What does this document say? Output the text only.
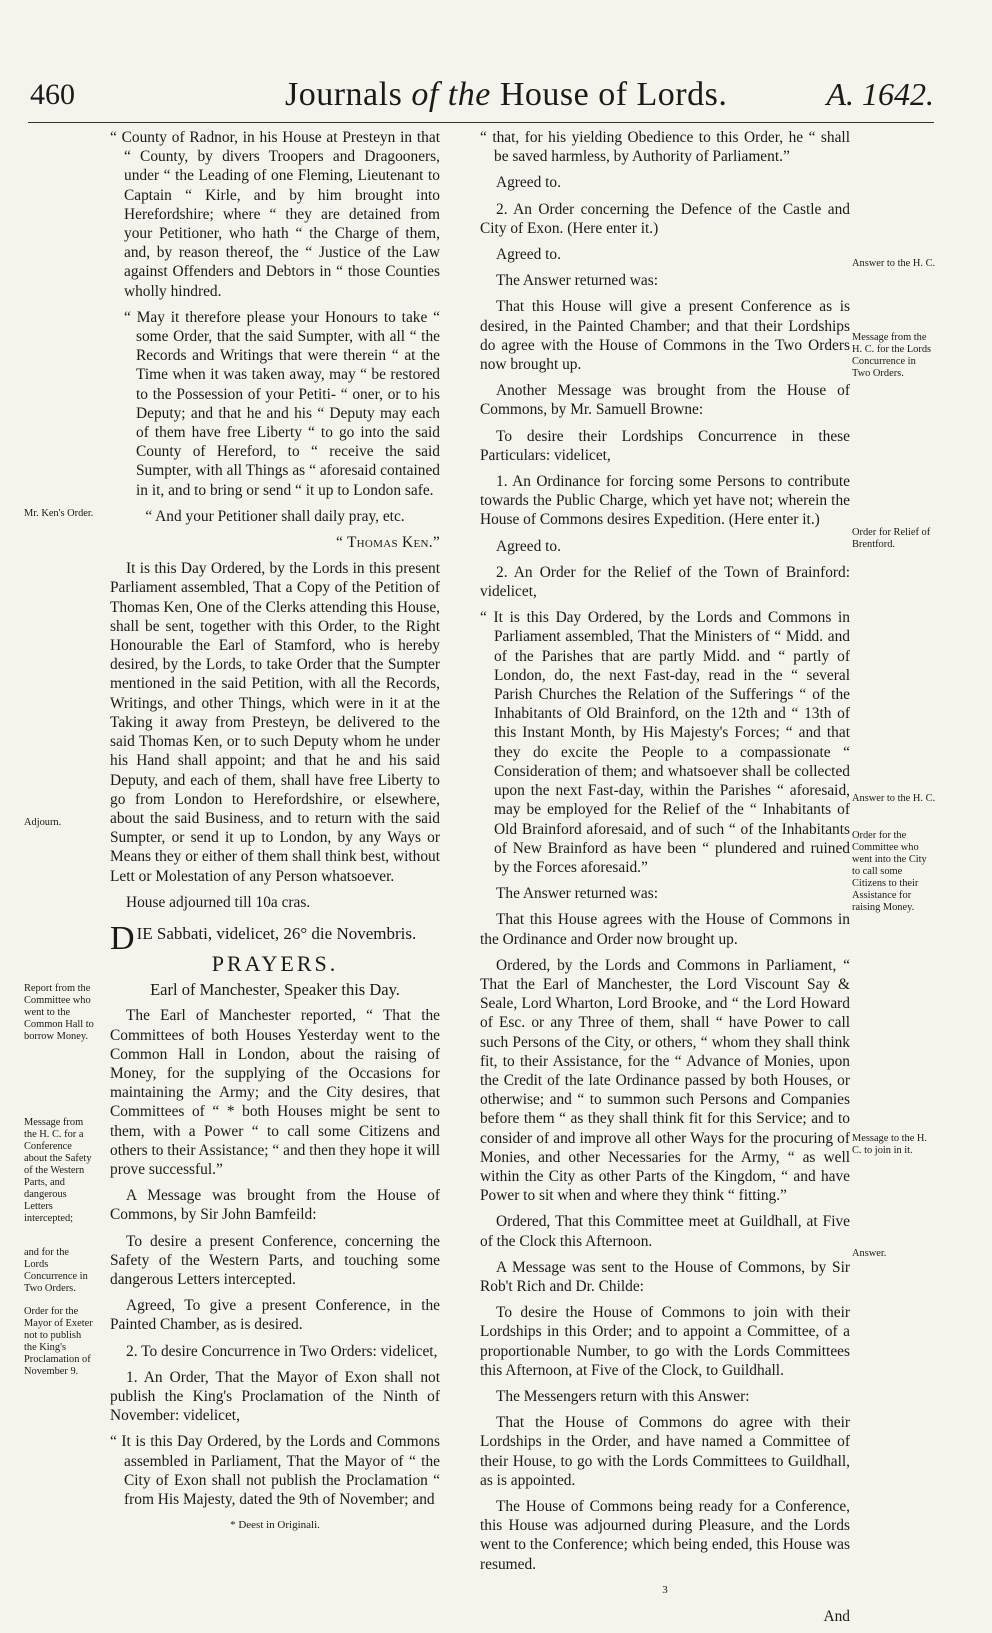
460	Journals of the House of Lords.	A. 1642.

“ County of Radnor, in his House at Presteyn in that “ County, by divers Troopers and Dragooners, under “ the Leading of one Fleming, Lieutenant to Captain “ Kirle, and by him brought into Herefordshire; where “ they are detained from your Petitioner, who hath “ the Charge of them, and, by reason thereof, the “ Justice of the Law against Offenders and Debtors in “ those Counties wholly hindred.

“ May it therefore please your Honours to take “ some Order, that the said Sumpter, with all “ the Records and Writings that were therein “ at the Time when it was taken away, may “ be restored to the Possession of your Petiti- “ oner, or to his Deputy; and that he and his “ Deputy may each of them have free Liberty “ to go into the said County of Hereford, to “ receive the said Sumpter, with all Things as “ aforesaid contained in it, and to bring or send “ it up to London safe.

“ And your Petitioner shall daily pray, etc.

“ Thomas Ken.”

It is this Day Ordered, by the Lords in this present Parliament assembled, That a Copy of the Petition of Thomas Ken, One of the Clerks attending this House, shall be sent, together with this Order, to the Right Honourable the Earl of Stamford, who is hereby desired, by the Lords, to take Order that the Sumpter mentioned in the said Petition, with all the Records, Writings, and other Things, which were in it at the Taking it away from Presteyn, be delivered to the said Thomas Ken, or to such Deputy whom he under his Hand shall appoint; and that he and his said Deputy, and each of them, shall have free Liberty to go from London to Herefordshire, or elsewhere, about the said Business, and to return with the said Sumpter, or send it up to London, by any Ways or Means they or either of them shall think best, without Lett or Molestation of any Person whatsoever.

House adjourned till 10a cras.

DIE Sabbati, videlicet, 26° die Novembris.

PRAYERS.

Earl of Manchester, Speaker this Day.

The Earl of Manchester reported, “ That the Committees of both Houses Yesterday went to the Common Hall in London, about the raising of Money, for the supplying of the Occasions for maintaining the Army; and the City desires, that Committees of “ * both Houses might be sent to them, with a Power “ to call some Citizens and others to their Assistance; “ and then they hope it will prove successful.”

A Message was brought from the House of Commons, by Sir John Bamfeild:

To desire a present Conference, concerning the Safety of the Western Parts, and touching some dangerous Letters intercepted.

Agreed, To give a present Conference, in the Painted Chamber, as is desired.

2. To desire Concurrence in Two Orders: videlicet,

1. An Order, That the Mayor of Exon shall not publish the King's Proclamation of the Ninth of November: videlicet,

“ It is this Day Ordered, by the Lords and Commons assembled in Parliament, That the Mayor of “ the City of Exon shall not publish the Proclamation “ from His Majesty, dated the 9th of November; and

* Deest in Originali.

“ that, for his yielding Obedience to this Order, he “ shall be saved harmless, by Authority of Parliament.”

Agreed to.

2. An Order concerning the Defence of the Castle and City of Exon. (Here enter it.)

Agreed to.

The Answer returned was:

That this House will give a present Conference as is desired, in the Painted Chamber; and that their Lordships do agree with the House of Commons in the Two Orders now brought up.

Another Message was brought from the House of Commons, by Mr. Samuell Browne:

To desire their Lordships Concurrence in these Particulars: videlicet,

1. An Ordinance for forcing some Persons to contribute towards the Public Charge, which yet have not; wherein the House of Commons desires Expedition. (Here enter it.)

Agreed to.

2. An Order for the Relief of the Town of Brainford: videlicet,

“ It is this Day Ordered, by the Lords and Commons in Parliament assembled, That the Ministers of “ Midd. and of the Parishes that are partly Midd. and “ partly of London, do, the next Fast-day, read in the “ several Parish Churches the Relation of the Sufferings “ of the Inhabitants of Old Brainford, on the 12th and “ 13th of this Instant Month, by His Majesty's Forces; “ and that they do excite the People to a compassionate “ Consideration of them; and whatsoever shall be collected upon the next Fast-day, within the Parishes “ aforesaid, may be employed for the Relief of the “ Inhabitants of Old Brainford aforesaid, and of such “ of the Inhabitants of New Brainford as have been “ plundered and ruined by the Forces aforesaid.”

The Answer returned was:

That this House agrees with the House of Commons in the Ordinance and Order now brought up.

Ordered, by the Lords and Commons in Parliament, “ That the Earl of Manchester, the Lord Viscount Say & Seale, Lord Wharton, Lord Brooke, and “ the Lord Howard of Esc. or any Three of them, shall “ have Power to call such Persons of the City, or others, “ whom they shall think fit, to their Assistance, for the “ Advance of Monies, upon the Credit of the late Ordinance passed by both Houses, or otherwise; and “ to summon such Persons and Companies before them “ as they shall think fit for this Service; and to consider of and improve all other Ways for the procuring of Monies, and other Necessaries for the Army, “ as well within the City as other Parts of the Kingdom, “ and have Power to sit when and where they think “ fitting.”

Ordered, That this Committee meet at Guildhall, at Five of the Clock this Afternoon.

A Message was sent to the House of Commons, by Sir Rob't Rich and Dr. Childe:

To desire the House of Commons to join with their Lordships in this Order; and to appoint a Committee, of a proportionable Number, to go with the Lords Committees this Afternoon, at Five of the Clock, to Guildhall.

The Messengers return with this Answer:

That the House of Commons do agree with their Lordships in the Order, and have named a Committee of their House, to go with the Lords Committees to Guildhall, as is appointed.

The House of Commons being ready for a Conference, this House was adjourned during Pleasure, and the Lords went to the Conference; which being ended, this House was resumed.

3

And

Mr. Ken's Order.
Adjourn.
Report from the Committee who went to the Common Hall to borrow Money.
Message from the H. C. for a Conference about the Safety of the Western Parts, and dangerous Letters intercepted;
and for the Lords Concurrence in Two Orders.
Order for the Mayor of Exeter not to publish the King's Proclamation of November 9.
Answer to the H. C.
Message from the H. C. for the Lords Concurrence in Two Orders.
Order for Relief of Brentford.
Answer to the H. C.
Order for the Committee who went into the City to call some Citizens to their Assistance for raising Money.
Message to the H. C. to join in it.
Answer.
